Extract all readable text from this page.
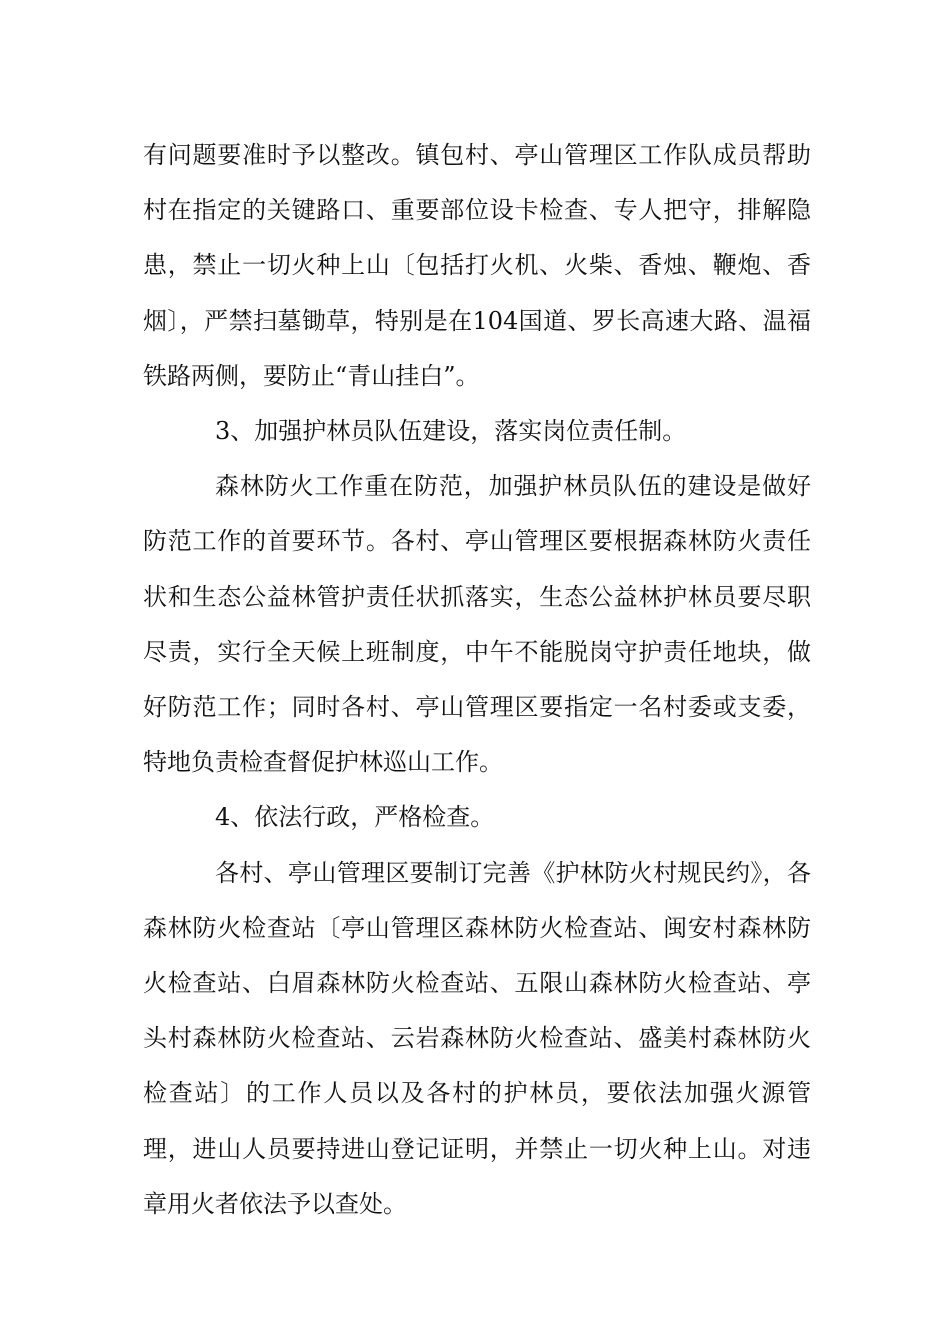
有问题要准时予以整改。镇包村、亭山管理区工作队成员帮助村在指定的关键路口、重要部位设卡检查、专人把守，排解隐患，禁止一切火种上山〔包括打火机、火柴、香烛、鞭炮、香烟〕，严禁扫墓锄草，特别是在104国道、罗长高速大路、温福铁路两侧，要防止“青山挂白”。

3、加强护林员队伍建设，落实岗位责任制。

森林防火工作重在防范，加强护林员队伍的建设是做好防范工作的首要环节。各村、亭山管理区要根据森林防火责任状和生态公益林管护责任状抓落实，生态公益林护林员要尽职尽责，实行全天候上班制度，中午不能脱岗守护责任地块，做好防范工作；同时各村、亭山管理区要指定一名村委或支委，特地负责检查督促护林巡山工作。

4、依法行政，严格检查。

各村、亭山管理区要制订完善《护林防火村规民约》，各森林防火检查站〔亭山管理区森林防火检查站、闽安村森林防火检查站、白眉森林防火检查站、五限山森林防火检查站、亭头村森林防火检查站、云岩森林防火检查站、盛美村森林防火检查站〕的工作人员以及各村的护林员，要依法加强火源管理，进山人员要持进山登记证明，并禁止一切火种上山。对违章用火者依法予以查处。
